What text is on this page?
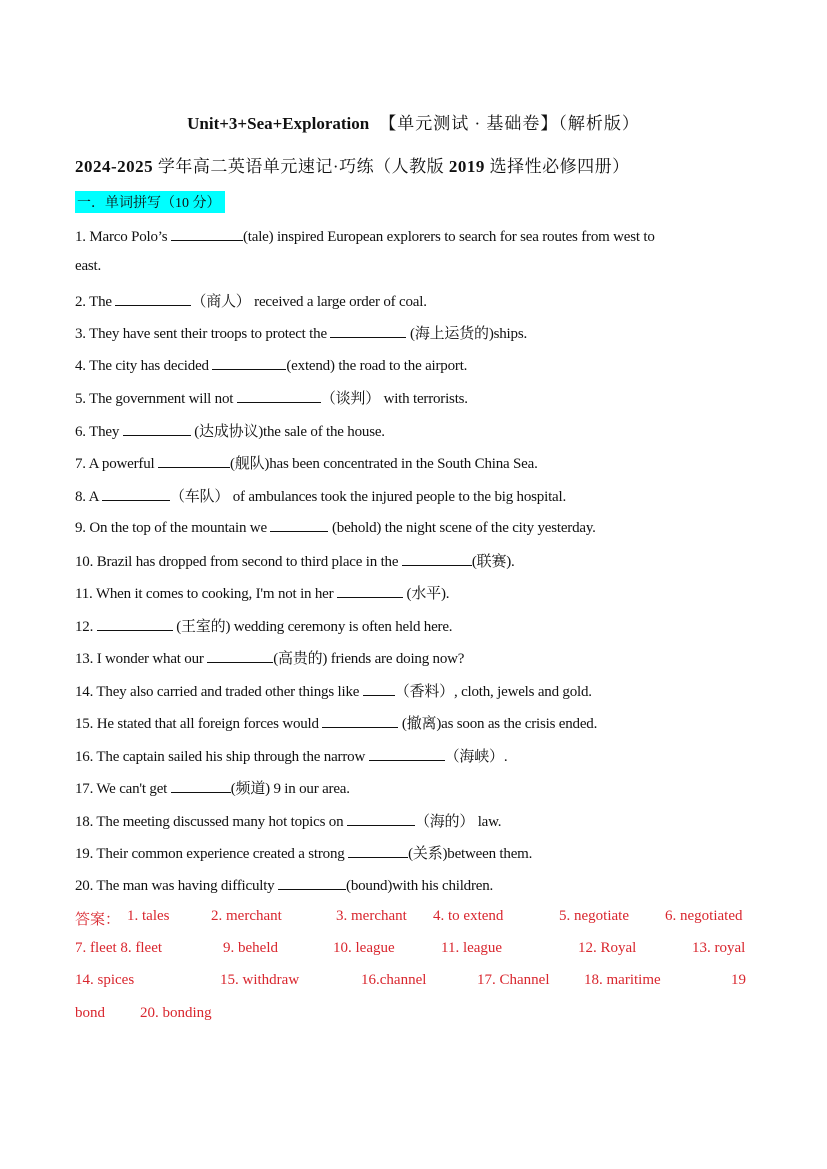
Unit+3+Sea+Exploration 【单元测试 · 基础卷】（解析版）
2024-2025 学年高二英语单元速记·巧练（人教版 2019 选择性必修四册）
一．单词拼写（10 分）
1. Marco Polo’s	(tale) inspired European explorers to search for sea routes from west to
east.
2. The	（商人） received a large order of coal.
3. They have sent their troops to protect the	(海上运货的)ships.
4. The city has decided	(extend) the road to the airport.
5. The government will not	（谈判） with terrorists.
6. They	(达成协议)the sale of the house.
7. A powerful	(舰队)has been concentrated in the South China Sea.
8. A	（车队） of ambulances took the injured people to the big hospital.
9. On the top of the mountain we	(behold) the night scene of the city yesterday.
10. Brazil has dropped from second to third place in the	(联赛).
11. When it comes to cooking, I'm not in her	(水平).
12.	(王室的) wedding ceremony is often held here.
13. I wonder what our	(高贵的) friends are doing now?
14. They also carried and traded other things like （香料）, cloth, jewels and gold.
15. He stated that all foreign forces would	(撤离)as soon as the crisis ended.
16. The captain sailed his ship through the narrow	（海峡）.
17. We can't get	(频道) 9 in our area.
18. The meeting discussed many hot topics on	（海的） law.
19. Their common experience created a strong	(关系)between them.
20. The man was having difficulty	(bound)with his children.
答案： 1. tales	2. merchant	3. merchant 4. to extend	5. negotiate 6. negotiated
7. fleet 8. fleet	9. beheld	10. league	11. league	12. Royal	13. royal
14. spices	15. withdraw	16.channel	17. Channel 18. maritime	19
bond 20. bonding
